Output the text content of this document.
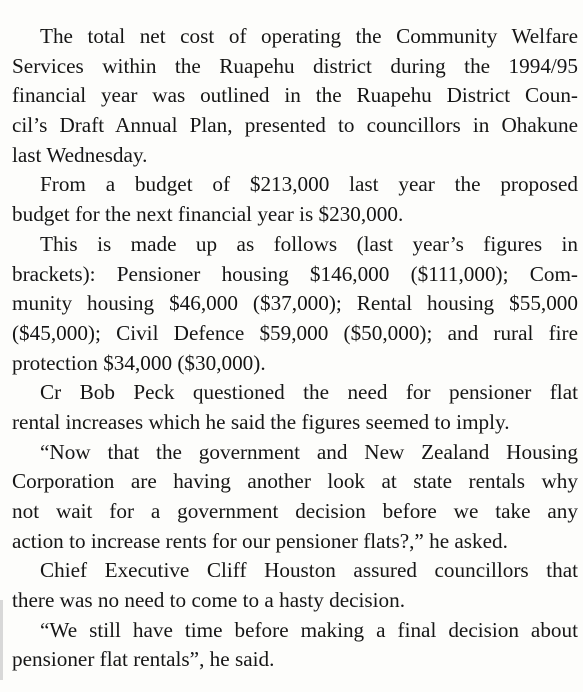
The total net cost of operating the Community Welfare
Services within the Ruapehu district during the 1994/95
financial year was outlined in the Ruapehu District Coun-
cil’s Draft Annual Plan, presented to councillors in Ohakune
last Wednesday.
From a budget of $213,000 last year the proposed
budget for the next financial year is $230,000.
This is made up as follows (last year’s figures in
brackets): Pensioner housing $146,000 ($111,000); Com-
munity housing $46,000 ($37,000); Rental housing $55,000
($45,000); Civil Defence $59,000 ($50,000); and rural fire
protection $34,000 ($30,000).
Cr Bob Peck questioned the need for pensioner flat
rental increases which he said the figures seemed to imply.
“Now that the government and New Zealand Housing
Corporation are having another look at state rentals why
not wait for a government decision before we take any
action to increase rents for our pensioner flats?,” he asked.
Chief Executive Cliff Houston assured councillors that
there was no need to come to a hasty decision.
“We still have time before making a final decision about
pensioner flat rentals”, he said.
